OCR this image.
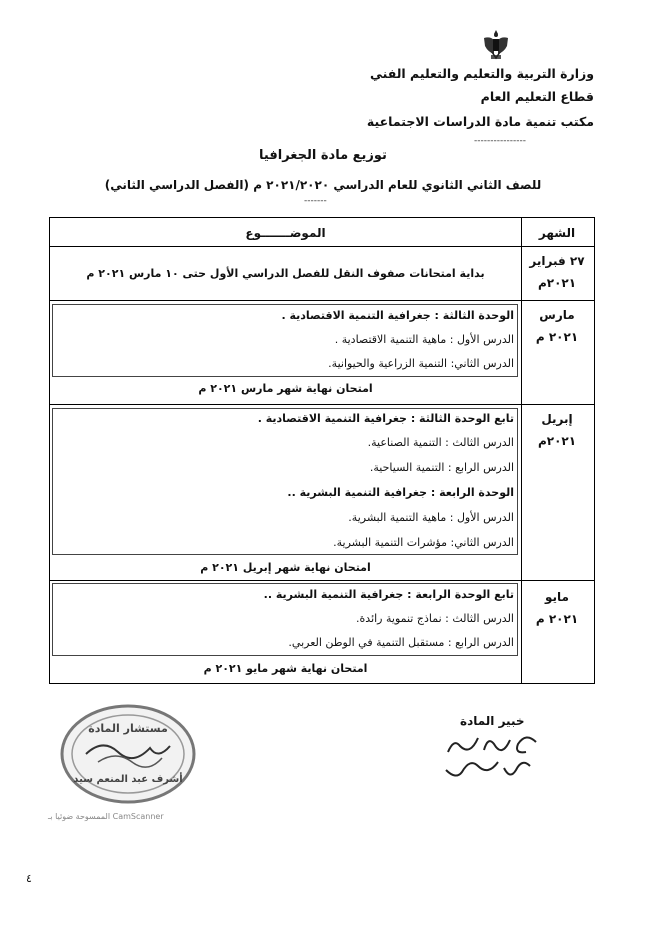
وزارة التربية والتعليم والتعليم الفني
قطاع التعليم العام
مكتب تنمية مادة الدراسات الاجتماعية
----------------
توزيع مادة الجغرافيا
للصف الثاني الثانوي للعام الدراسي ٢٠٢١/٢٠٢٠ م (الفصل الدراسي الثاني)
-------
الشهر
الموضـــــــوع
٢٧ فبراير
٢٠٢١م
بداية امتحانات صفوف النقل للفصل الدراسي الأول حتى ١٠ مارس ٢٠٢١ م
مارس
٢٠٢١ م
الوحدة الثالثة : جغرافية التنمية الاقتصادية .
الدرس الأول : ماهية التنمية الاقتصادية .
الدرس الثاني: التنمية الزراعية والحيوانية.
امتحان نهاية شهر مارس ٢٠٢١ م
إبريل
٢٠٢١م
تابع الوحدة الثالثة : جغرافية التنمية الاقتصادية .
الدرس الثالث : التنمية الصناعية.
الدرس الرابع : التنمية السياحية.
الوحدة الرابعة : جغرافية التنمية البشرية ..
الدرس الأول : ماهية التنمية البشرية.
الدرس الثاني: مؤشرات التنمية البشرية.
امتحان نهاية شهر إبريل ٢٠٢١ م
مايو
٢٠٢١ م
تابع الوحدة الرابعة : جغرافية التنمية البشرية ..
الدرس الثالث : نماذج تنموية رائدة.
الدرس الرابع : مستقبل التنمية في الوطن العربي.
امتحان نهاية شهر مايو ٢٠٢١ م
مستشار المادة
أشرف عبد المنعم سيد
خبير المادة
CamScanner الممسوحة ضوئيا بـ
٤
